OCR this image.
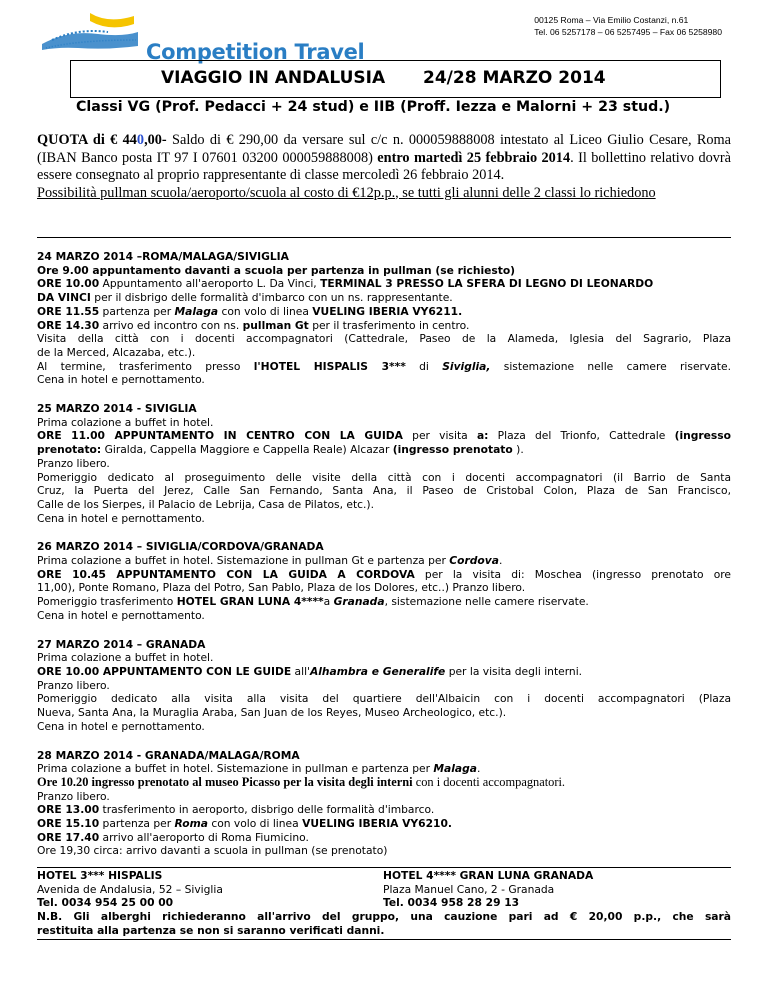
Competition Travel
00125 Roma – Via Emilio Costanzi, n.61
Tel. 06 5257178 – 06 5257495 – Fax 06 5258980
VIAGGIO IN ANDALUSIA 24/28 MARZO 2014
Classi VG (Prof. Pedacci + 24 stud) e IIB (Proff. Iezza e Malorni + 23 stud.)

QUOTA di € 440,00- Saldo di € 290,00 da versare sul c/c n. 000059888008 intestato al Liceo Giulio Cesare, Roma (IBAN Banco posta IT 97 I 07601 03200 000059888008) entro martedì 25 febbraio 2014. Il bollettino relativo dovrà essere consegnato al proprio rappresentante di classe mercoledì 26 febbraio 2014.

Possibilità pullman scuola/aeroporto/scuola al costo di €12p.p., se tutti gli alunni delle 2 classi lo richiedono

24 MARZO 2014 –ROMA/MALAGA/SIVIGLIA
Ore 9.00 appuntamento davanti a scuola per partenza in pullman (se richiesto)
ORE 10.00 Appuntamento all'aeroporto L. Da Vinci, TERMINAL 3 PRESSO LA SFERA DI LEGNO DI LEONARDO
DA VINCI per il disbrigo delle formalità d'imbarco con un ns. rappresentante.
ORE 11.55 partenza per Malaga con volo di linea VUELING IBERIA VY6211.
ORE 14.30 arrivo ed incontro con ns. pullman Gt per il trasferimento in centro.
Visita della città con i docenti accompagnatori (Cattedrale, Paseo de la Alameda, Iglesia del Sagrario, Plaza
de la Merced, Alcazaba, etc.).
Al termine, trasferimento presso l'HOTEL HISPALIS 3*** di Siviglia, sistemazione nelle camere riservate.
Cena in hotel e pernottamento.
25 MARZO 2014 - SIVIGLIA
Prima colazione a buffet in hotel.
ORE 11.00 APPUNTAMENTO IN CENTRO CON LA GUIDA per visita a: Plaza del Trionfo, Cattedrale (ingresso
prenotato: Giralda, Cappella Maggiore e Cappella Reale) Alcazar (ingresso prenotato ).
Pranzo libero.
Pomeriggio dedicato al proseguimento delle visite della città con i docenti accompagnatori (il Barrio de Santa
Cruz, la Puerta del Jerez, Calle San Fernando, Santa Ana, il Paseo de Cristobal Colon, Plaza de San Francisco,
Calle de los Sierpes, il Palacio de Lebrija, Casa de Pilatos, etc.).
Cena in hotel e pernottamento.
26 MARZO 2014 – SIVIGLIA/CORDOVA/GRANADA
Prima colazione a buffet in hotel. Sistemazione in pullman Gt e partenza per Cordova.
ORE 10.45 APPUNTAMENTO CON LA GUIDA A CORDOVA per la visita di: Moschea (ingresso prenotato ore
11,00), Ponte Romano, Plaza del Potro, San Pablo, Plaza de los Dolores, etc..) Pranzo libero.
Pomeriggio trasferimento HOTEL GRAN LUNA 4****a Granada, sistemazione nelle camere riservate.
Cena in hotel e pernottamento.
27 MARZO 2014 – GRANADA
Prima colazione a buffet in hotel.
ORE 10.00 APPUNTAMENTO CON LE GUIDE all'Alhambra e Generalife per la visita degli interni.
Pranzo libero.
Pomeriggio dedicato alla visita alla visita del quartiere dell'Albaicin con i docenti accompagnatori (Plaza
Nueva, Santa Ana, la Muraglia Araba, San Juan de los Reyes, Museo Archeologico, etc.).
Cena in hotel e pernottamento.
28 MARZO 2014 - GRANADA/MALAGA/ROMA
Prima colazione a buffet in hotel. Sistemazione in pullman e partenza per Malaga.
Ore 10.20 ingresso prenotato al museo Picasso per la visita degli interni con i docenti accompagnatori.
Pranzo libero.
ORE 13.00 trasferimento in aeroporto, disbrigo delle formalità d'imbarco.
ORE 15.10 partenza per Roma con volo di linea VUELING IBERIA VY6210.
ORE 17.40 arrivo all'aeroporto di Roma Fiumicino.
Ore 19,30 circa: arrivo davanti a scuola in pullman (se prenotato)
HOTEL 3*** HISPALIS	HOTEL 4**** GRAN LUNA GRANADA
Avenida de Andalusia, 52 – Siviglia	Plaza Manuel Cano, 2 - Granada
Tel. 0034 954 25 00 00	Tel. 0034 958 28 29 13
N.B. Gli alberghi richiederanno all'arrivo del gruppo, una cauzione pari ad € 20,00 p.p., che sarà
restituita alla partenza se non si saranno verificati danni.
